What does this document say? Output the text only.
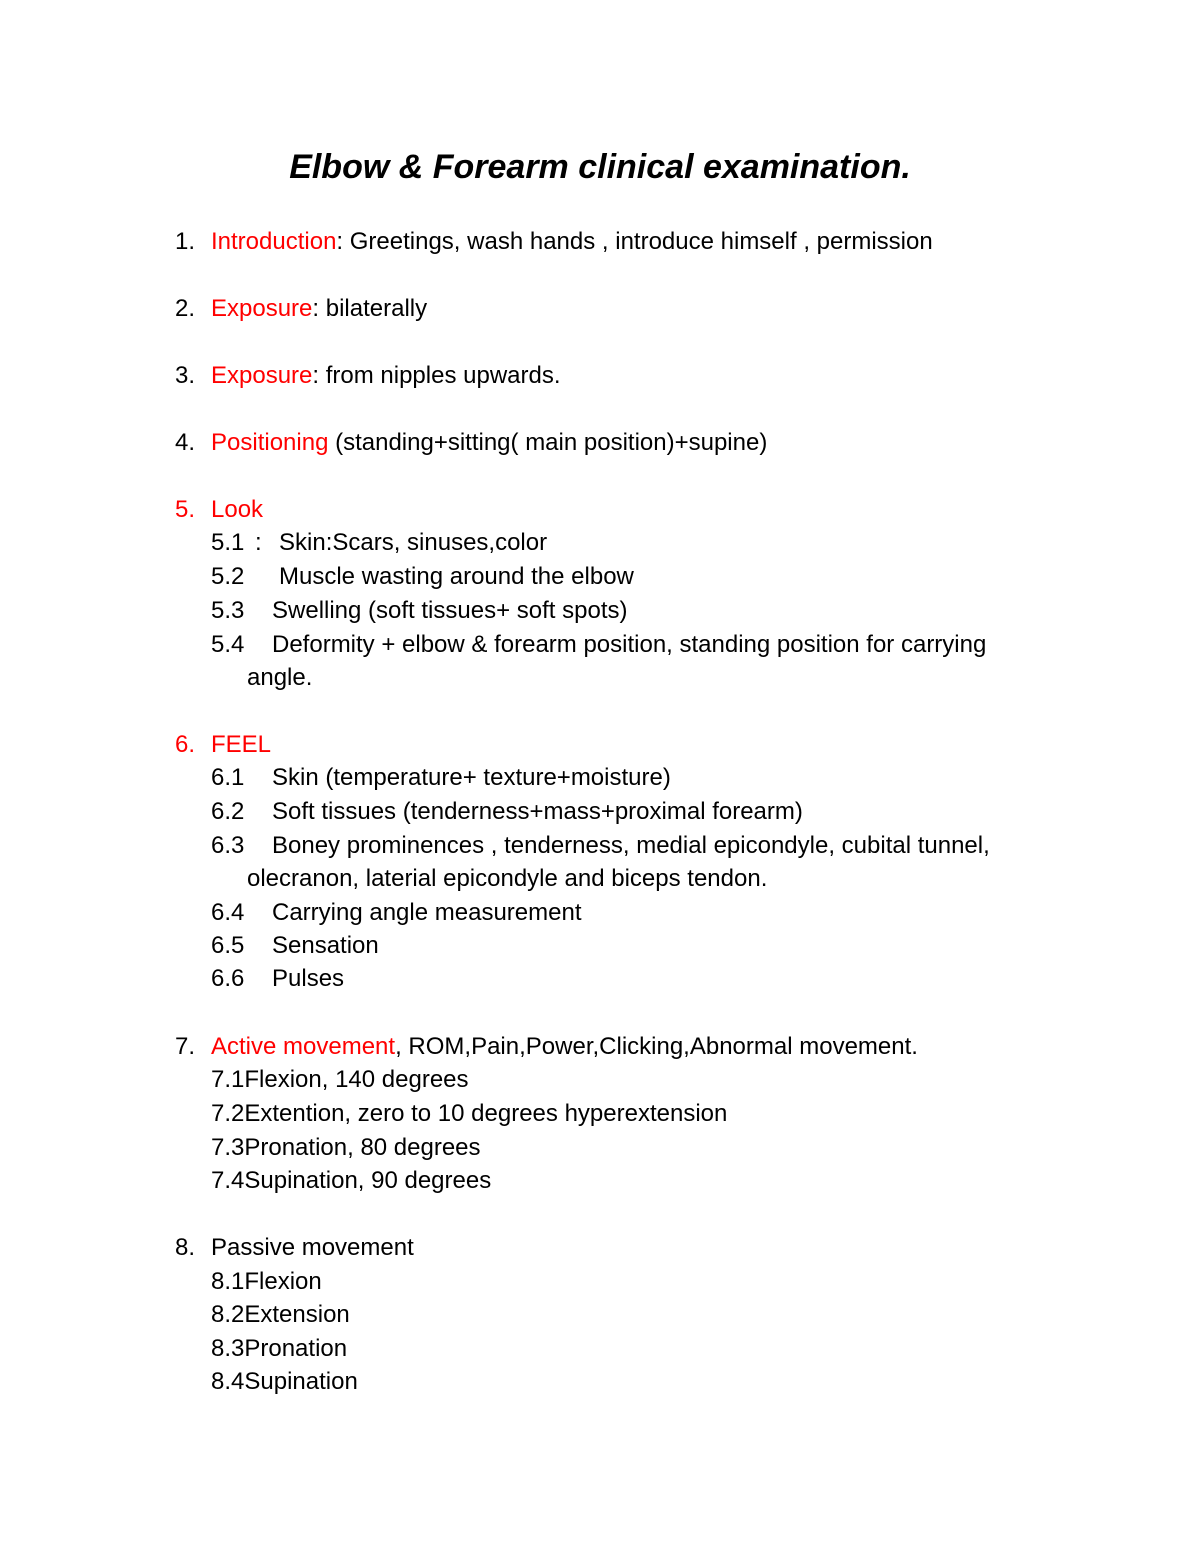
Elbow & Forearm clinical examination.
1. Introduction: Greetings, wash hands , introduce himself , permission
2. Exposure: bilaterally
3. Exposure: from nipples upwards.
4. Positioning (standing+sitting( main position)+supine)
5. Look
5.1 : Skin:Scars, sinuses,color
5.2 Muscle wasting around the elbow
5.3 Swelling (soft tissues+ soft spots)
5.4 Deformity + elbow & forearm position, standing position for carrying
angle.
6. FEEL
6.1 Skin (temperature+ texture+moisture)
6.2 Soft tissues (tenderness+mass+proximal forearm)
6.3 Boney prominences , tenderness, medial epicondyle, cubital tunnel,
olecranon, laterial epicondyle and biceps tendon.
6.4 Carrying angle measurement
6.5 Sensation
6.6 Pulses
7. Active movement, ROM,Pain,Power,Clicking,Abnormal movement.
7.1Flexion, 140 degrees
7.2Extention, zero to 10 degrees hyperextension
7.3Pronation, 80 degrees
7.4Supination, 90 degrees
8. Passive movement
8.1Flexion
8.2Extension
8.3Pronation
8.4Supination
